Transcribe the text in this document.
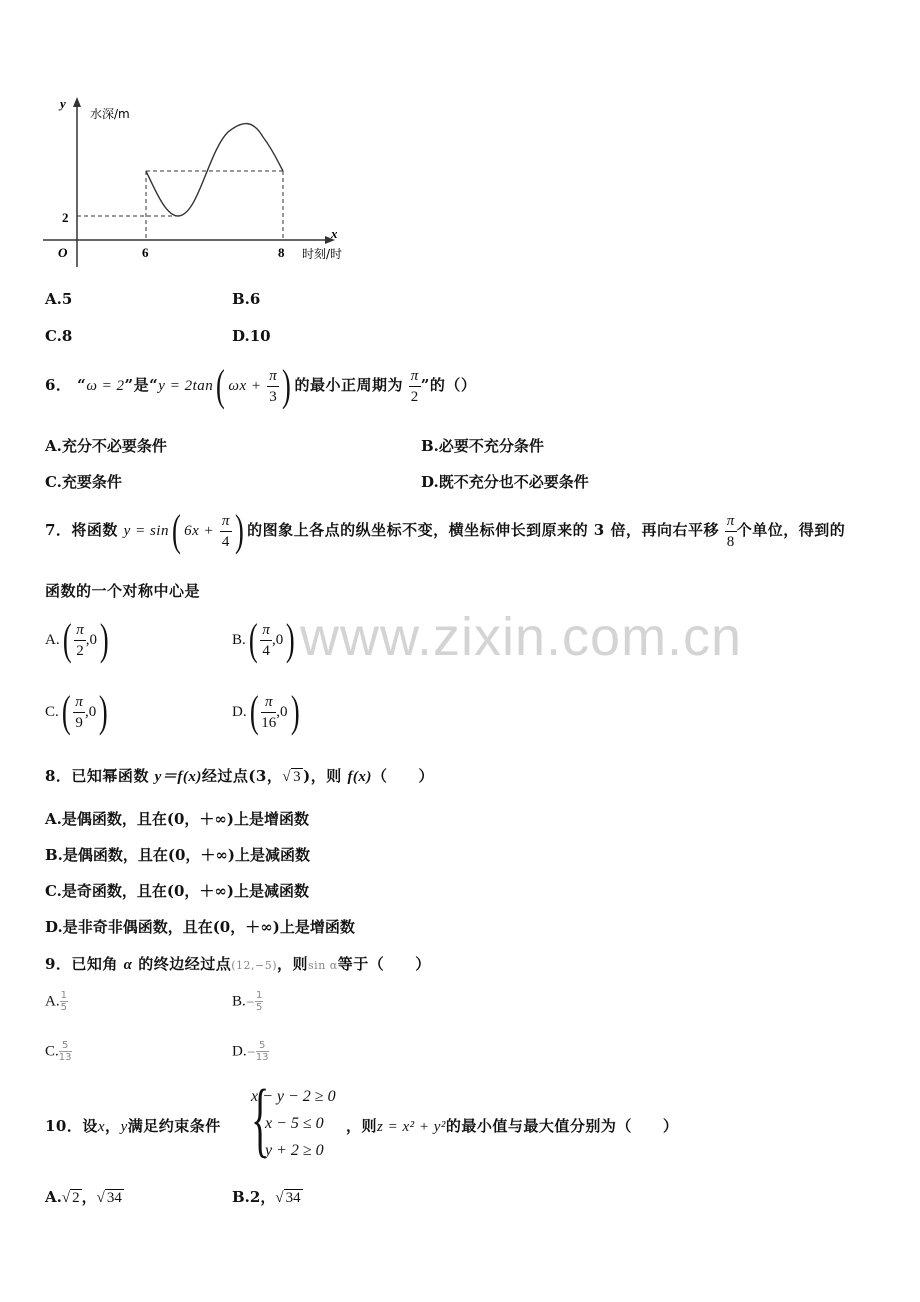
y
水深/m
x
时刻/时
O
2
6	8
A.5	B.6
C.8	D.10
6． “ω = 2”是“y = 2tan( $\omega x + \frac{\pi}{3}$ ) 的最小正周期为 $\frac{\pi}{2}$ ”的（）
A.充分不必要条件	B.必要不充分条件
C.充要条件	D.既不充分也不必要条件
7．将函数 y = sin( $6x + \frac{\pi}{4}$ ) 的图象上各点的纵坐标不变，横坐标伸长到原来的 3 倍，再向右平移 $\frac{\pi}{8}$ 个单位，得到的
函数的一个对称中心是
www.zixin.com.cn
$A.( \frac{\pi}{2} ,0)$	$B.( \frac{\pi}{4} ,0)$
$C.( \frac{\pi}{9} ,0)$	$D.( \frac{\pi}{16} ,0)$
8．已知幂函数 y＝f(x)经过点(3，√ 3 )，则 f(x)（　　）
A.是偶函数，且在(0，＋∞)上是增函数
B.是偶函数，且在(0，＋∞)上是减函数
C.是奇函数，且在(0，＋∞)上是减函数
D.是非奇非偶函数，且在(0，＋∞)上是增函数
9．已知角 α 的终边经过点(12,−5)，则sin α等于（　　）
A. $\frac{1}{5}$	$B.- \frac{1}{5}$
C. $\frac{5}{13}$	$D.- \frac{5}{13}$
10．设x，y满足约束条件 {
x − y − 2 ≥ 0
x − 5 ≤ 0
y + 2 ≥ 0
，则z = x² + y²的最小值与最大值分别为（　　）
A.√ 2 ，√ 34	B.2，√ 34
